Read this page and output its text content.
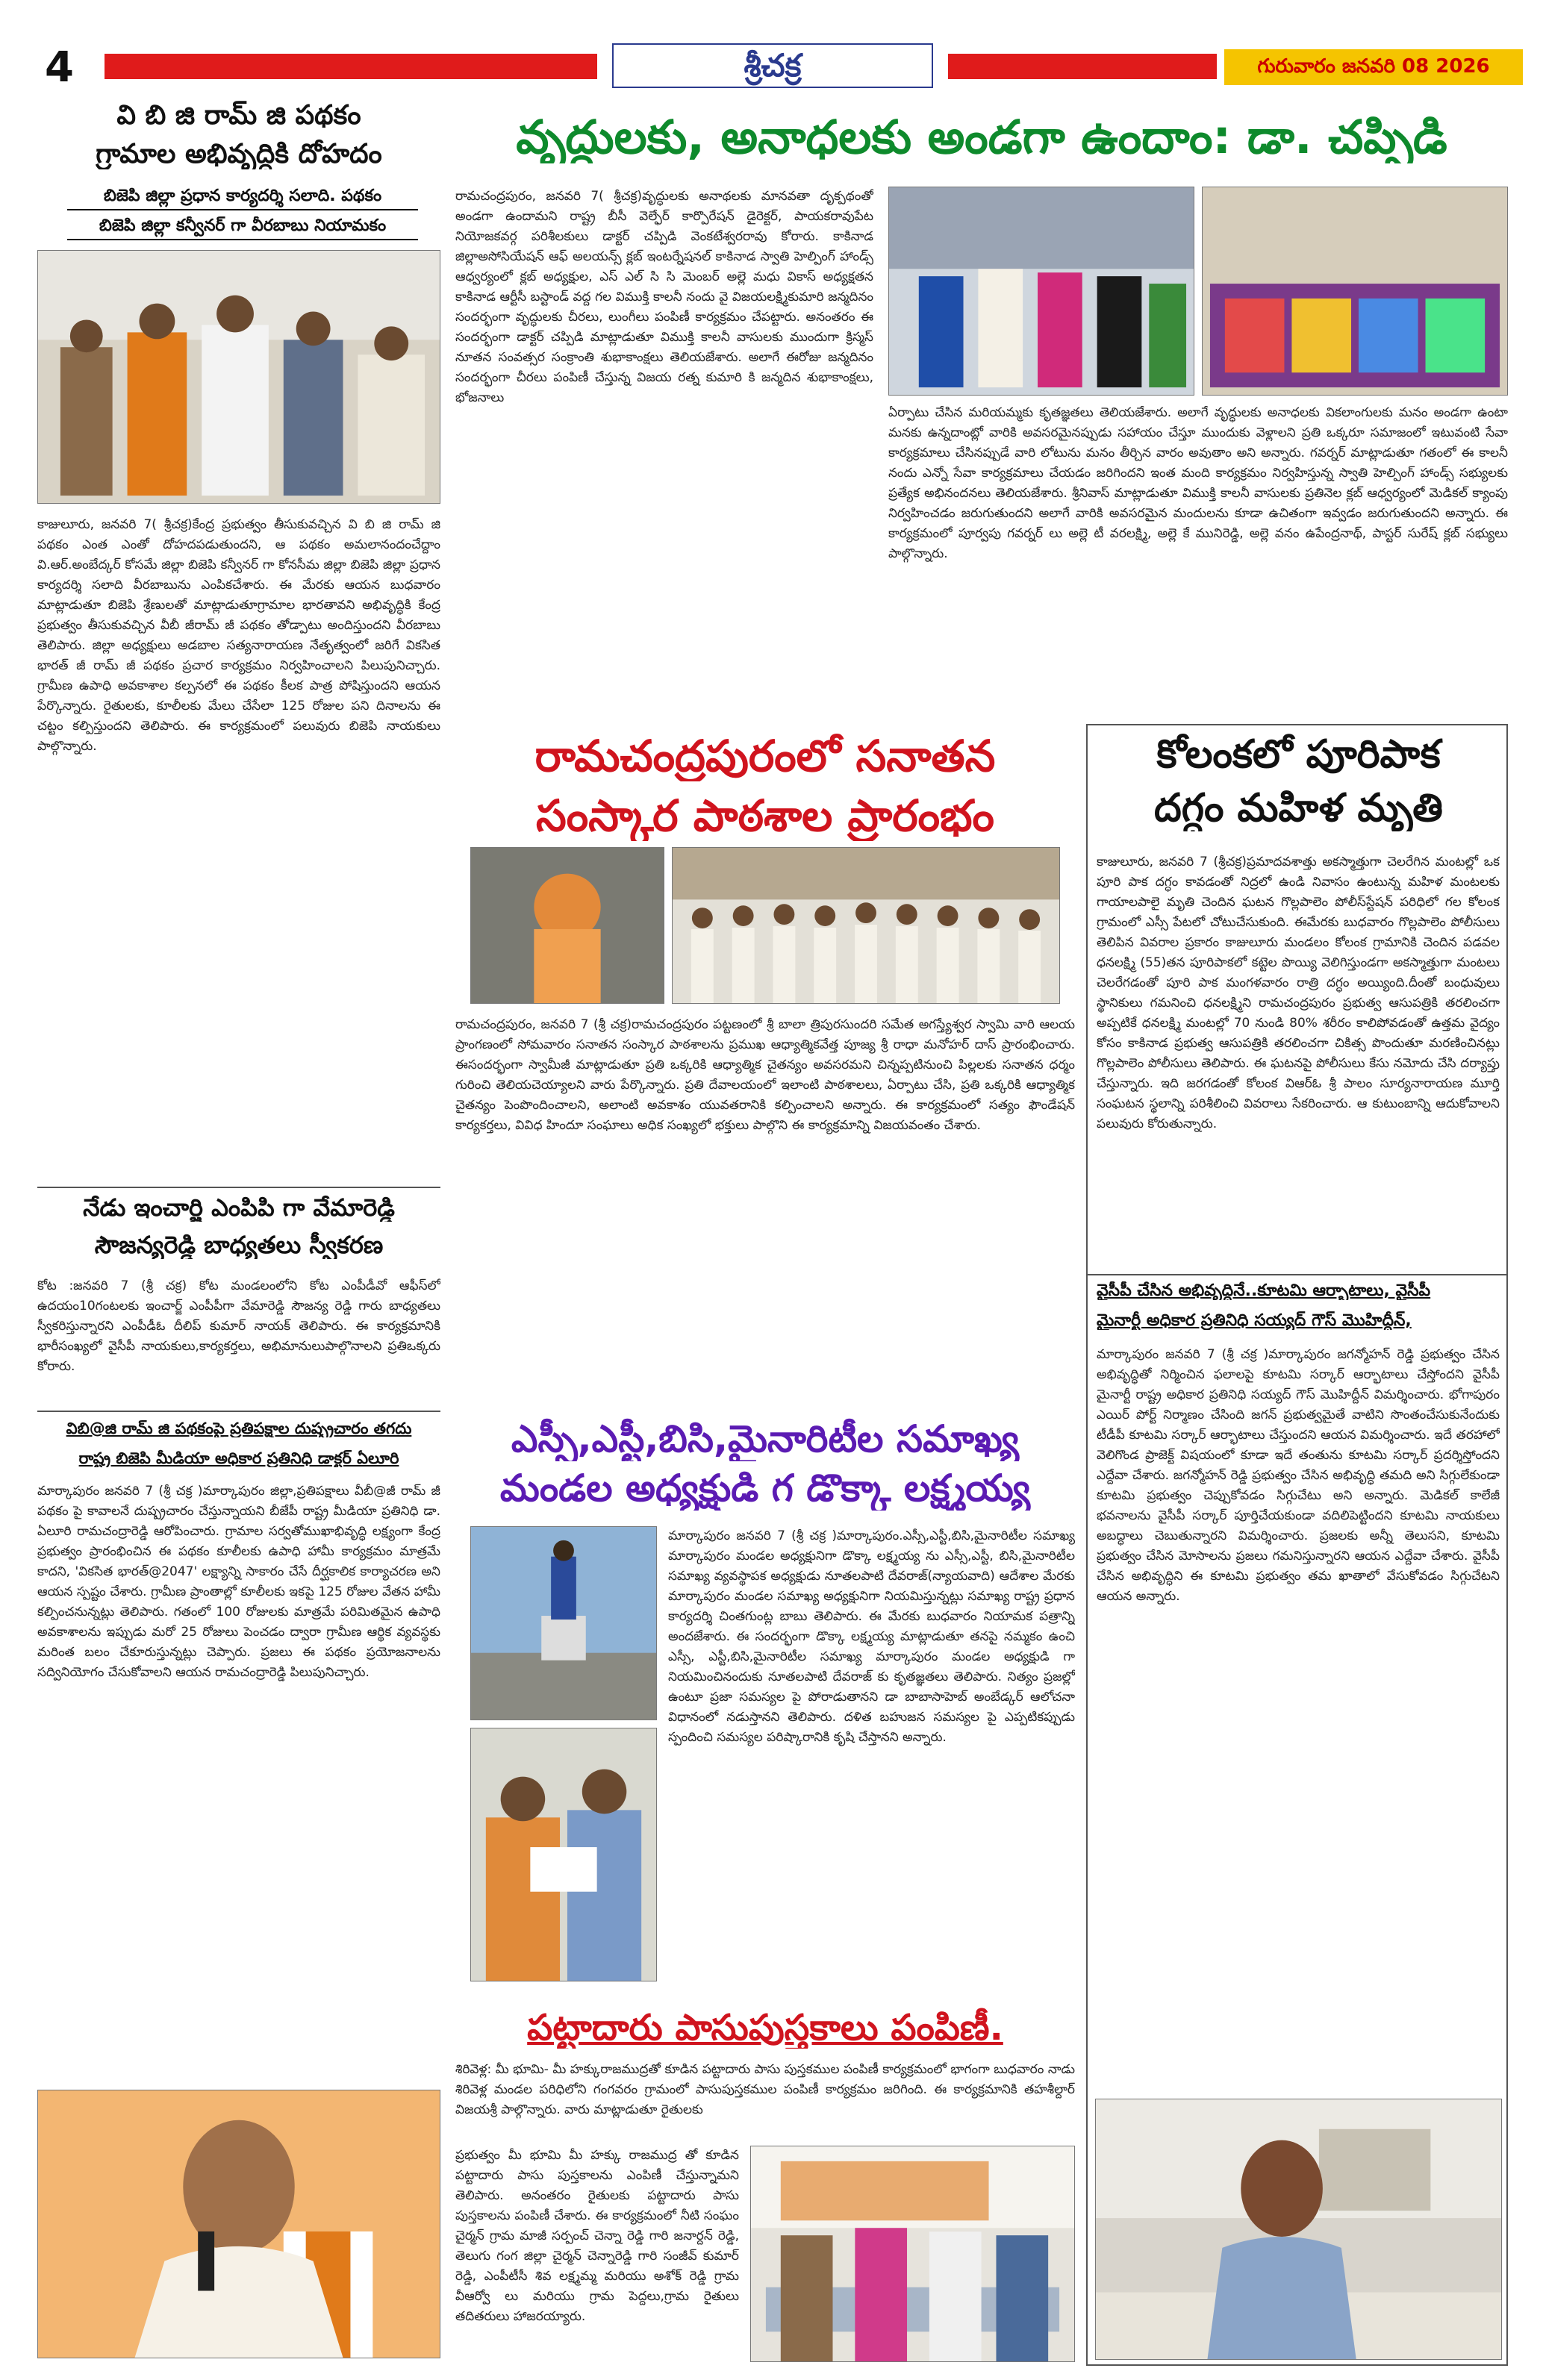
4	శ్రీచక్ర	గురువారం జనవరి 08 2026
వి బి జి రామ్ జి పథకం
గ్రామాల అభివృద్ధికి దోహదం
బిజెపి జిల్లా ప్రధాన కార్యదర్శి సలాది. పథకం
బిజెపి జిల్లా కన్వీనర్ గా వీరబాబు నియామకం
కాజులూరు, జనవరి 7( శ్రీచక్ర)కేంద్ర ప్రభుత్వం తీసుకువచ్చిన వి బి జి రామ్ జి పథకం ఎంత ఎంతో దోహదపడుతుందని, ఆ పథకం అమలానందంచేద్దాం వి.ఆర్.అంబేద్కర్ కోసమే జిల్లా బిజెపి కన్వీనర్ గా కోనసీమ జిల్లా బిజెపి జిల్లా ప్రధాన కార్యదర్శి సలాది వీరబాబును ఎంపికచేశారు. ఈ మేరకు ఆయన బుధవారం మాట్లాడుతూ బిజెపి శ్రేణులతో మాట్లాడుతూగ్రామాల భారతావని అభివృద్ధికి కేంద్ర ప్రభుత్వం తీసుకువచ్చిన వీబీ జీరామ్ జీ పథకం తోడ్పాటు అందిస్తుందని వీరబాబు తెలిపారు. జిల్లా అధ్యక్షులు అడబాల సత్యనారాయణ నేతృత్వంలో జరిగే వికసిత భారత్ జీ రామ్ జీ పథకం ప్రచార కార్యక్రమం నిర్వహించాలని పిలుపునిచ్చారు. గ్రామీణ ఉపాధి అవకాశాల కల్పనలో ఈ పథకం కీలక పాత్ర పోషిస్తుందని ఆయన పేర్కొన్నారు. రైతులకు, కూలీలకు మేలు చేసేలా 125 రోజుల పని దినాలను ఈ చట్టం కల్పిస్తుందని తెలిపారు. ఈ కార్యక్రమంలో పలువురు బిజెపి నాయకులు పాల్గొన్నారు.
నేడు ఇంచార్జి ఎంపిపి గా వేమారెడ్డి
సౌజన్యరెడ్డి బాధ్యతలు స్వీకరణ
కోట :జనవరి 7 (శ్రీ చక్ర) కోట మండలంలోని కోట ఎంపీడీవో ఆఫీస్‌లో ఉదయం10గంటలకు ఇంచార్జ్ ఎంపీపీగా వేమారెడ్డి సౌజన్య రెడ్డి గారు బాధ్యతలు స్వీకరిస్తున్నారని ఎంపీడీఓ దీలిప్ కుమార్ నాయక్ తెలిపారు. ఈ కార్యక్రమానికి భారీసంఖ్యలో వైసీపీ నాయకులు,కార్యకర్తలు, అభిమానులుపాల్గొనాలని ప్రతిఒక్కరు కోరారు.
విబి@జి రామ్ జి పథకంపై ప్రతిపక్షాల దుష్ప్రచారం తగదు
రాష్ట్ర బిజెపి మీడియా అధికార ప్రతినిధి డాక్టర్ ఏలూరి
మార్కాపురం జనవరి 7 (శ్రీ చక్ర )మార్కాపురం జిల్లా,ప్రతిపక్షాలు వీబీ@జీ రామ్ జీ పథకం పై కావాలనే దుష్ప్రచారం చేస్తున్నాయని బీజేపీ రాష్ట్ర మీడియా ప్రతినిధి డా. ఏలూరి రామచంద్రారెడ్డి ఆరోపించారు. గ్రామాల సర్వతోముఖాభివృద్ధి లక్ష్యంగా కేంద్ర ప్రభుత్వం ప్రారంభించిన ఈ పథకం కూలీలకు ఉపాధి హామీ కార్యక్రమం మాత్రమే కాదని, 'వికసిత భారత్@2047' లక్ష్యాన్ని సాకారం చేసే దీర్ఘకాలిక కార్యాచరణ అని ఆయన స్పష్టం చేశారు. గ్రామీణ ప్రాంతాల్లో కూలీలకు ఇకపై 125 రోజుల వేతన హామీ కల్పించనున్నట్లు తెలిపారు. గతంలో 100 రోజులకు మాత్రమే పరిమితమైన ఉపాధి అవకాశాలను ఇప్పుడు మరో 25 రోజులు పెంచడం ద్వారా గ్రామీణ ఆర్థిక వ్యవస్థకు మరింత బలం చేకూరుస్తున్నట్లు చెప్పారు. ప్రజలు ఈ పథకం ప్రయోజనాలను సద్వినియోగం చేసుకోవాలని ఆయన రామచంద్రారెడ్డి పిలుపునిచ్చారు.
వృద్ధులకు, అనాధలకు అండగా ఉందాం: డా. చప్పిడి
రామచంద్రపురం, జనవరి 7( శ్రీచక్ర)వృద్ధులకు అనాథలకు మానవతా దృక్పథంతో అండగా ఉందామని రాష్ట్ర బీసీ వెల్ఫేర్ కార్పొరేషన్ డైరెక్టర్, పాయకరావుపేట నియోజకవర్గ పరిశీలకులు డాక్టర్ చప్పిడి వెంకటేశ్వరరావు కోరారు. కాకినాడ జిల్లాఅసోసియేషన్ ఆఫ్ అలయన్స్ క్లబ్ ఇంటర్నేషనల్ కాకినాడ స్వాతి హెల్పింగ్ హాండ్స్ ఆధ్వర్యంలో క్లబ్ అధ్యక్షుల, ఎస్ ఎల్ సి సి మెంబర్ అల్లె మధు వికాస్ అధ్యక్షతన కాకినాడ ఆర్టీసీ బస్టాండ్ వద్ద గల విముక్తి కాలనీ నందు వై విజయలక్ష్మికుమారి జన్మదినం సందర్భంగా వృద్ధులకు చీరలు, లుంగీలు పంపిణీ కార్యక్రమం చేపట్టారు. అనంతరం ఈ సందర్భంగా డాక్టర్ చప్పిడి మాట్లాడుతూ విముక్తి కాలనీ వాసులకు ముందుగా క్రిస్మస్ నూతన సంవత్సర సంక్రాంతి శుభాకాంక్షలు తెలియజేశారు. అలాగే ఈరోజు జన్మదినం సందర్భంగా చీరలు పంపిణీ చేస్తున్న విజయ రత్న కుమారి కి జన్మదిన శుభాకాంక్షలు, భోజనాలు
ఏర్పాటు చేసిన మరియమ్మకు కృతజ్ఞతలు తెలియజేశారు. అలాగే వృద్ధులకు అనాధలకు వికలాంగులకు మనం అండగా ఉంటా మనకు ఉన్నదాంట్లో వారికి అవసరమైనప్పుడు సహాయం చేస్తూ ముందుకు వెళ్లాలని ప్రతి ఒక్కరూ సమాజంలో ఇటువంటి సేవా కార్యక్రమాలు చేసినప్పుడే వారి లోటును మనం తీర్చిన వారం అవుతాం అని అన్నారు. గవర్నర్ మాట్లాడుతూ గతంలో ఈ కాలనీ నందు ఎన్నో సేవా కార్యక్రమాలు చేయడం జరిగిందని ఇంత మంది కార్యక్రమం నిర్వహిస్తున్న స్వాతి హెల్పింగ్ హాండ్స్ సభ్యులకు ప్రత్యేక అభినందనలు తెలియజేశారు. శ్రీనివాస్ మాట్లాడుతూ విముక్తి కాలనీ వాసులకు ప్రతినెల క్లబ్ ఆధ్వర్యంలో మెడికల్ క్యాంపు నిర్వహించడం జరుగుతుందని అలాగే వారికి అవసరమైన మందులను కూడా ఉచితంగా ఇవ్వడం జరుగుతుందని అన్నారు. ఈ కార్యక్రమంలో పూర్వపు గవర్నర్ లు అల్లె టీ వరలక్ష్మి, అల్లె కే మునిరెడ్డి, అల్లె వనం ఉపేంద్రనాథ్, పాస్టర్ సురేష్ క్లబ్ సభ్యులు పాల్గొన్నారు.
రామచంద్రపురంలో సనాతన
సంస్కార పాఠశాల ప్రారంభం
రామచంద్రపురం, జనవరి 7 (శ్రీ చక్ర)రామచంద్రపురం పట్టణంలో శ్రీ బాలా త్రిపురసుందరి సమేత అగస్త్యేశ్వర స్వామి వారి ఆలయ ప్రాంగణంలో సోమవారం సనాతన సంస్కార పాఠశాలను ప్రముఖ ఆధ్యాత్మికవేత్త పూజ్య శ్రీ రాధా మనోహర్ దాస్ ప్రారంభించారు. ఈసందర్భంగా స్వామీజీ మాట్లాడుతూ ప్రతి ఒక్కరికి ఆధ్యాత్మిక చైతన్యం అవసరమని చిన్నప్పటినుంచి పిల్లలకు సనాతన ధర్మం గురించి తెలియచెయ్యాలని వారు పేర్కొన్నారు. ప్రతి దేవాలయంలో ఇలాంటి పాఠశాలలు, ఏర్పాటు చేసి, ప్రతి ఒక్కరికి ఆధ్యాత్మిక చైతన్యం పెంపొందించాలని, అలాంటి అవకాశం యువతరానికి కల్పించాలని అన్నారు. ఈ కార్యక్రమంలో సత్యం ఫౌండేషన్ కార్యకర్తలు, వివిధ హిందూ సంఘాలు అధిక సంఖ్యలో భక్తులు పాల్గొని ఈ కార్యక్రమాన్ని విజయవంతం చేశారు.
ఎస్సీ,ఎస్టీ,బిసి,మైనారిటీల సమాఖ్య
మండల అధ్యక్షుడి గ డొక్కా లక్ష్మయ్య
మార్కాపురం జనవరి 7 (శ్రీ చక్ర )మార్కాపురం.ఎస్సీ,ఎస్టీ,బిసి,మైనారిటీల సమాఖ్య మార్కాపురం మండల అధ్యక్షునిగా డొక్కా లక్ష్మయ్య ను ఎస్సీ,ఎస్టీ, బిసి,మైనారిటీల సమాఖ్య వ్యవస్థాపక అధ్యక్షుడు నూతలపాటి దేవరాజ్(న్యాయవాది) ఆదేశాల మేరకు మార్కాపురం మండల సమాఖ్య అధ్యక్షునిగా నియమిస్తున్నట్లు సమాఖ్య రాష్ట్ర ప్రధాన కార్యదర్శి చింతగుంట్ల బాబు తెలిపారు. ఈ మేరకు బుధవారం నియామక పత్రాన్ని అందజేశారు. ఈ సందర్భంగా డొక్కా లక్ష్మయ్య మాట్లాడుతూ తనపై నమ్మకం ఉంచి ఎస్సీ, ఎస్టీ,బిసి,మైనారిటీల సమాఖ్య మార్కాపురం మండల అధ్యక్షుడి గా నియమించినందుకు నూతలపాటి దేవరాజ్ కు కృతజ్ఞతలు తెలిపారు. నిత్యం ప్రజల్లో ఉంటూ ప్రజా సమస్యల పై పోరాడుతానని డా బాబాసాహెబ్ అంబేడ్కర్ ఆలోచనా విధానంలో నడుస్తానని తెలిపారు. దళిత బహుజన సమస్యల పై ఎప్పటికప్పుడు స్పందించి సమస్యల పరిష్కారానికి కృషి చేస్తానని అన్నారు.
పట్టాదారు పాసుపుస్తకాలు పంపిణీ.
శిరివెళ్ల: మీ భూమి- మీ హక్కురాజముద్రతో కూడిన పట్టాదారు పాసు పుస్తకముల పంపిణీ కార్యక్రమంలో భాగంగా బుధవారం నాడు శిరివెళ్ల మండల పరిధిలోని గంగవరం గ్రామంలో పాసుపుస్తకముల పంపిణీ కార్యక్రమం జరిగింది. ఈ కార్యక్రమానికి తహశీల్దార్ విజయశ్రీ పాల్గొన్నారు. వారు మాట్లాడుతూ రైతులకు
ప్రభుత్వం మీ భూమి మీ హక్కు రాజముద్ర తో కూడిన పట్టాదారు పాసు పుస్తకాలను ఎంపిణీ చేస్తున్నామని తెలిపారు. అనంతరం రైతులకు పట్టాదారు పాసు పుస్తకాలను పంపిణీ చేశారు. ఈ కార్యక్రమంలో నీటి సంఘం చైర్మన్ గ్రామ మాజీ సర్పంచ్ చెన్నా రెడ్డి గారి జనార్దన్ రెడ్డి, తెలుగు గంగ జిల్లా చైర్మన్ చెన్నారెడ్డి గారి సంజీవ్ కుమార్ రెడ్డి, ఎంపీటీసీ శివ లక్ష్మమ్మ మరియు అశోక్ రెడ్డి గ్రామ వీఆర్వో లు మరియు గ్రామ పెద్దలు,గ్రామ రైతులు తదితరులు హాజరయ్యారు.
కోలంకలో పూరిపాక
దగ్ధం మహిళ మృతి
కాజులూరు, జనవరి 7 (శ్రీచక్ర)ప్రమాదవశాత్తు అకస్మాత్తుగా చెలరేగిన మంటల్లో ఒక పూరి పాక దగ్ధం కావడంతో నిద్రలో ఉండి నివాసం ఉంటున్న మహిళ మంటలకు గాయాలపాలై మృతి చెందిన ఘటన గొల్లపాలెం పోలీస్‌స్టేషన్ పరిధిలో గల కోలంక గ్రామంలో ఎస్సీ పేటలో చోటుచేసుకుంది. ఈమేరకు బుధవారం గొల్లపాలెం పోలీసులు తెలిపిన వివరాల ప్రకారం కాజులూరు మండలం కోలంక గ్రామానికి చెందిన పడవల ధనలక్ష్మి (55)తన పూరిపాకలో కట్టెల పొయ్యి వెలిగిస్తుండగా అకస్మాత్తుగా మంటలు చెలరేగడంతో పూరి పాక మంగళవారం రాత్రి దగ్ధం అయ్యింది.దీంతో బంధువులు స్థానికులు గమనించి ధనలక్ష్మిని రామచంద్రపురం ప్రభుత్వ ఆసుపత్రికి తరలించగా అప్పటికే ధనలక్ష్మి మంటల్లో 70 నుండి 80% శరీరం కాలిపోవడంతో ఉత్తమ వైద్యం కోసం కాకినాడ ప్రభుత్వ ఆసుపత్రికి తరలించగా చికిత్స పొందుతూ మరణించినట్లు గొల్లపాలెం పోలీసులు తెలిపారు. ఈ ఘటనపై పోలీసులు కేసు నమోదు చేసి దర్యాప్తు చేస్తున్నారు. ఇది జరగడంతో కోలంక విఆర్ఓ శ్రీ పాలం సూర్యనారాయణ మూర్తి సంఘటన స్థలాన్ని పరిశీలించి వివరాలు సేకరించారు. ఆ కుటుంబాన్ని ఆదుకోవాలని పలువురు కోరుతున్నారు.
వైసీపీ చేసిన అభివృద్ధినే..కూటమి ఆర్భాటాలు, వైసీపీ
మైనార్టీ అధికార ప్రతినిధి సయ్యద్ గౌస్ మొహిద్దీన్,
మార్కాపురం జనవరి 7 (శ్రీ చక్ర )మార్కాపురం జగన్మోహన్ రెడ్డి ప్రభుత్వం చేసిన అభివృద్ధితో నిర్మించిన ఫలాలపై కూటమి సర్కార్ ఆర్భాటాలు చేస్తోందని వైసీపీ మైనార్టీ రాష్ట్ర అధికార ప్రతినిధి సయ్యద్ గౌస్ మొహిద్దీన్ విమర్శించారు. భోగాపురం ఎయిర్ పోర్ట్ నిర్మాణం చేసింది జగన్ ప్రభుత్వమైతే వాటిని సొంతంచేసుకునేందుకు టీడీపీ కూటమి సర్కార్ ఆర్భాటాలు చేస్తుందని ఆయన విమర్శించారు. ఇదే తరహాలో వెలిగొండ ప్రాజెక్ట్ విషయంలో కూడా ఇదే తంతును కూటమి సర్కార్ ప్రదర్శిస్తోందని ఎద్దేవా చేశారు. జగన్మోహన్ రెడ్డి ప్రభుత్వం చేసిన అభివృద్ధి తమది అని సిగ్గులేకుండా కూటమి ప్రభుత్వం చెప్పుకోవడం సిగ్గుచేటు అని అన్నారు. మెడికల్ కాలేజీ భవనాలను వైసీపీ సర్కార్ పూర్తిచేయకుండా వదిలిపెట్టిందని కూటమి నాయకులు అబద్ధాలు చెబుతున్నారని విమర్శించారు. ప్రజలకు అన్నీ తెలుసని, కూటమి ప్రభుత్వం చేసిన మోసాలను ప్రజలు గమనిస్తున్నారని ఆయన ఎద్దేవా చేశారు. వైసీపీ చేసిన అభివృద్ధిని ఈ కూటమి ప్రభుత్వం తమ ఖాతాలో వేసుకోవడం సిగ్గుచేటని ఆయన అన్నారు.
